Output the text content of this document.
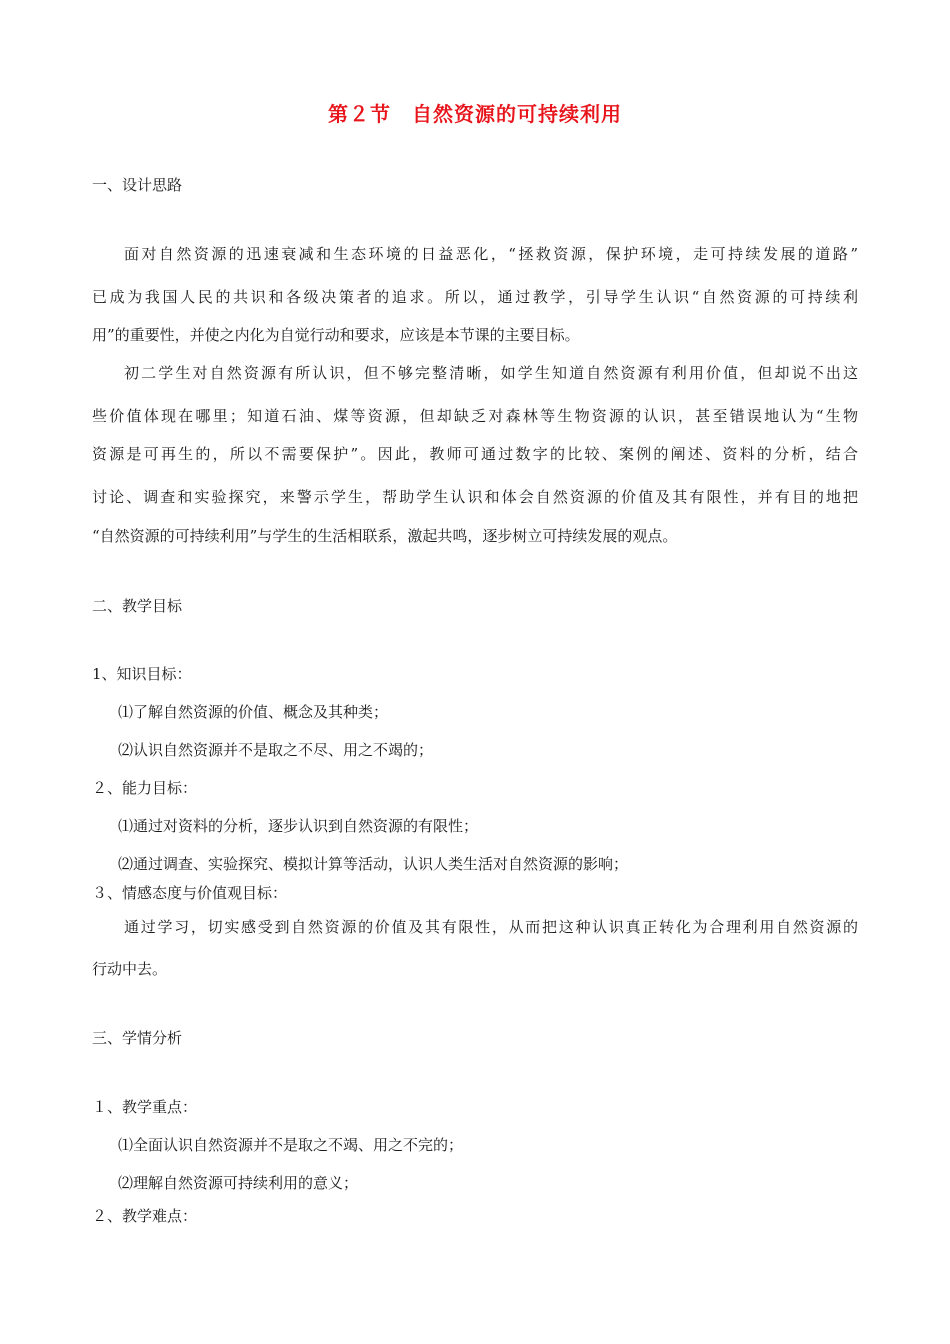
第２节　自然资源的可持续利用
一、设计思路
面对自然资源的迅速衰减和生态环境的日益恶化，“拯救资源，保护环境，走可持续发展的道路”
已成为我国人民的共识和各级决策者的追求。所以，通过教学，引导学生认识“自然资源的可持续利
用”的重要性，并使之内化为自觉行动和要求，应该是本节课的主要目标。
初二学生对自然资源有所认识，但不够完整清晰，如学生知道自然资源有利用价值，但却说不出这
些价值体现在哪里；知道石油、煤等资源，但却缺乏对森林等生物资源的认识，甚至错误地认为“生物
资源是可再生的，所以不需要保护”。因此，教师可通过数字的比较、案例的阐述、资料的分析，结合
讨论、调查和实验探究，来警示学生，帮助学生认识和体会自然资源的价值及其有限性，并有目的地把
“自然资源的可持续利用”与学生的生活相联系，激起共鸣，逐步树立可持续发展的观点。
二、教学目标
1、知识目标：
⑴了解自然资源的价值、概念及其种类；
⑵认识自然资源并不是取之不尽、用之不竭的；
２、能力目标：
⑴通过对资料的分析，逐步认识到自然资源的有限性；
⑵通过调查、实验探究、模拟计算等活动，认识人类生活对自然资源的影响；
３、情感态度与价值观目标：
通过学习，切实感受到自然资源的价值及其有限性，从而把这种认识真正转化为合理利用自然资源的
行动中去。
三、学情分析
１、教学重点：
⑴全面认识自然资源并不是取之不竭、用之不完的；
⑵理解自然资源可持续利用的意义；
２、教学难点：
